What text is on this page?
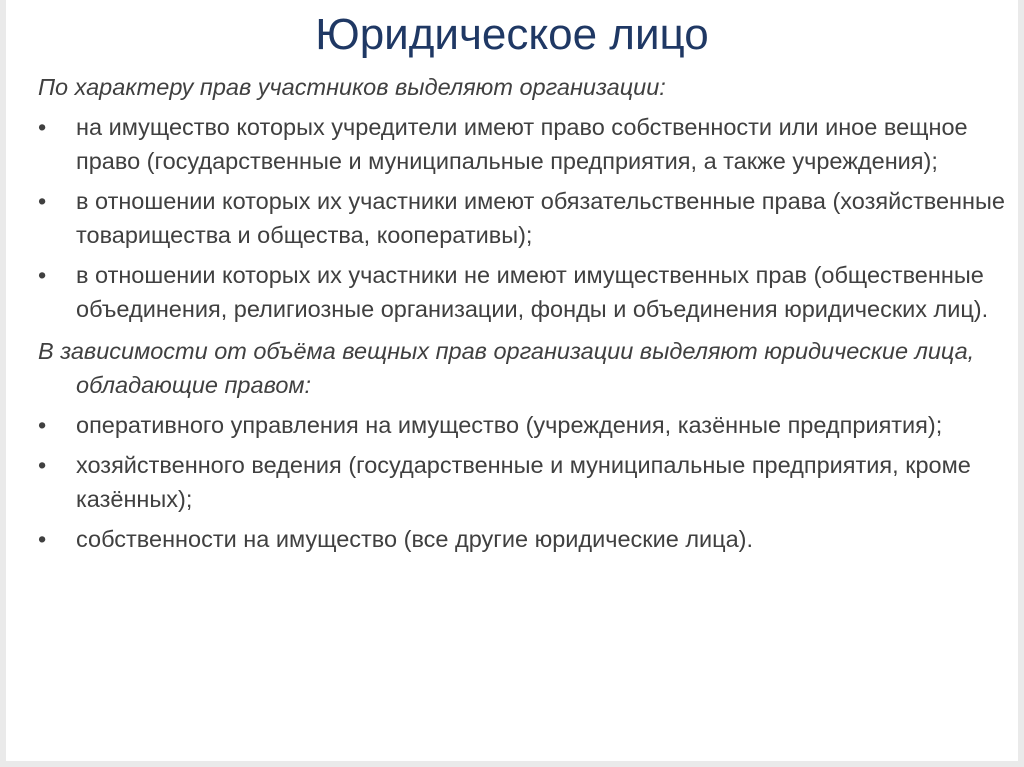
Юридическое лицо

По характеру прав участников выделяют организации:

•	на имущество которых учредители имеют право собственности или иное вещное право (государственные и муниципальные предприятия, а также учреждения);
•	в отношении которых их участники имеют обязательственные права (хозяйственные товарищества и общества, кооперативы);
•	в отношении которых их участники не имеют имущественных прав (общественные объединения, религиозные организации, фонды и объединения юридических лиц).

В зависимости от объёма вещных прав организации выделяют юридические лица, обладающие правом:

•	оперативного управления на имущество (учреждения, казённые предприятия);
•	хозяйственного ведения (государственные и муниципальные предприятия, кроме казённых);
•	собственности на имущество (все другие юридические лица).
